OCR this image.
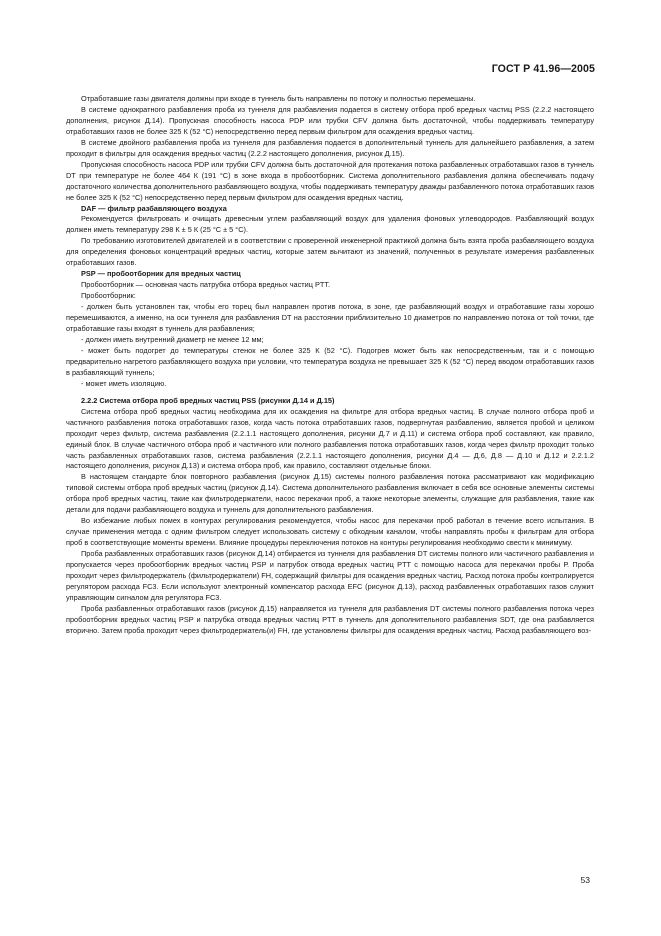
ГОСТ Р 41.96—2005

Отработавшие газы двигателя должны при входе в туннель быть направлены по потоку и полностью перемешаны.

В системе однократного разбавления проба из туннеля для разбавления подается в систему отбора проб вредных частиц PSS (2.2.2 настоящего дополнения, рисунок Д.14). Пропускная способность насоса PDP или трубки CFV должна быть достаточной, чтобы поддерживать температуру отработавших газов не более 325 К (52 °С) непосредственно перед первым фильтром для осаждения вредных частиц.

В системе двойного разбавления проба из туннеля для разбавления подается в дополнительный туннель для дальнейшего разбавления, а затем проходит в фильтры для осаждения вредных частиц (2.2.2 настоящего дополнения, рисунок Д.15).

Пропускная способность насоса PDP или трубки CFV должна быть достаточной для протекания потока разбавленных отработавших газов в туннель DT при температуре не более 464 К (191 °С) в зоне входа в пробоотборник. Система дополнительного разбавления должна обеспечивать подачу достаточного количества дополнительного разбавляющего воздуха, чтобы поддерживать температуру дважды разбавленного потока отработавших газов не более 325 К (52 °С) непосредственно перед первым фильтром для осаждения вредных частиц.

DAF — фильтр разбавляющего воздуха

Рекомендуется фильтровать и очищать древесным углем разбавляющий воздух для удаления фоновых углеводородов. Разбавляющий воздух должен иметь температуру 298 К ± 5 К (25 °С ± 5 °С).

По требованию изготовителей двигателей и в соответствии с проверенной инженерной практикой должна быть взята проба разбавляющего воздуха для определения фоновых концентраций вредных частиц, которые затем вычитают из значений, полученных в результате измерения разбавленных отработавших газов.

PSP — пробоотборник для вредных частиц

Пробоотборник — основная часть патрубка отбора вредных частиц PTT.

Пробоотборник:

- должен быть установлен так, чтобы его торец был направлен против потока, в зоне, где разбавляющий воздух и отработавшие газы хорошо перемешиваются, а именно, на оси туннеля для разбавления DT на расстоянии приблизительно 10 диаметров по направлению потока от той точки, где отработавшие газы входят в туннель для разбавления;

- должен иметь внутренний диаметр не менее 12 мм;

- может быть подогрет до температуры стенок не более 325 К (52 °С). Подогрев может быть как непосредственным, так и с помощью предварительно нагретого разбавляющего воздуха при условии, что температура воздуха не превышает 325 К (52 °С) перед вводом отработавших газов в разбавляющий туннель;

- может иметь изоляцию.

2.2.2 Система отбора проб вредных частиц PSS (рисунки Д.14 и Д.15)

Система отбора проб вредных частиц необходима для их осаждения на фильтре для отбора вредных частиц. В случае полного отбора проб и частичного разбавления потока отработавших газов, когда часть потока отработавших газов, подвергнутая разбавлению, является пробой и целиком проходит через фильтр, система разбавления (2.2.1.1 настоящего дополнения, рисунки Д.7 и Д.11) и система отбора проб составляют, как правило, единый блок. В случае частичного отбора проб и частичного или полного разбавления потока отработавших газов, когда через фильтр проходит только часть разбавленных отработавших газов, система разбавления (2.2.1.1 настоящего дополнения, рисунки Д.4 — Д.6, Д.8 — Д.10 и Д.12 и 2.2.1.2 настоящего дополнения, рисунок Д.13) и система отбора проб, как правило, составляют отдельные блоки.

В настоящем стандарте блок повторного разбавления (рисунок Д.15) системы полного разбавления потока рассматривают как модификацию типовой системы отбора проб вредных частиц (рисунок Д.14). Система дополнительного разбавления включает в себя все основные элементы системы отбора проб вредных частиц, такие как фильтродержатели, насос перекачки проб, а также некоторые элементы, служащие для разбавления, такие как детали для подачи разбавляющего воздуха и туннель для дополнительного разбавления.

Во избежание любых помех в контурах регулирования рекомендуется, чтобы насос для перекачки проб работал в течение всего испытания. В случае применения метода с одним фильтром следует использовать систему с обходным каналом, чтобы направлять пробы к фильтрам для отбора проб в соответствующие моменты времени. Влияние процедуры переключения потоков на контуры регулирования необходимо свести к минимуму.

Проба разбавленных отработавших газов (рисунок Д.14) отбирается из туннеля для разбавления DT системы полного или частичного разбавления и пропускается через пробоотборник вредных частиц PSP и патрубок отвода вредных частиц PTT с помощью насоса для перекачки пробы Р. Проба проходит через фильтродержатель (фильтродержатели) FH, содержащий фильтры для осаждения вредных частиц. Расход потока пробы контролируется регулятором расхода FC3. Если используют электронный компенсатор расхода EFC (рисунок Д.13), расход разбавленных отработавших газов служит управляющим сигналом для регулятора FC3.

Проба разбавленных отработавших газов (рисунок Д.15) направляется из туннеля для разбавления DT системы полного разбавления потока через пробоотборник вредных частиц PSP и патрубка отвода вредных частиц PTT в туннель для дополнительного разбавления SDT, где она разбавляется вторично. Затем проба проходит через фильтродержатель(и) FH, где установлены фильтры для осаждения вредных частиц. Расход разбавляющего воз-

53
